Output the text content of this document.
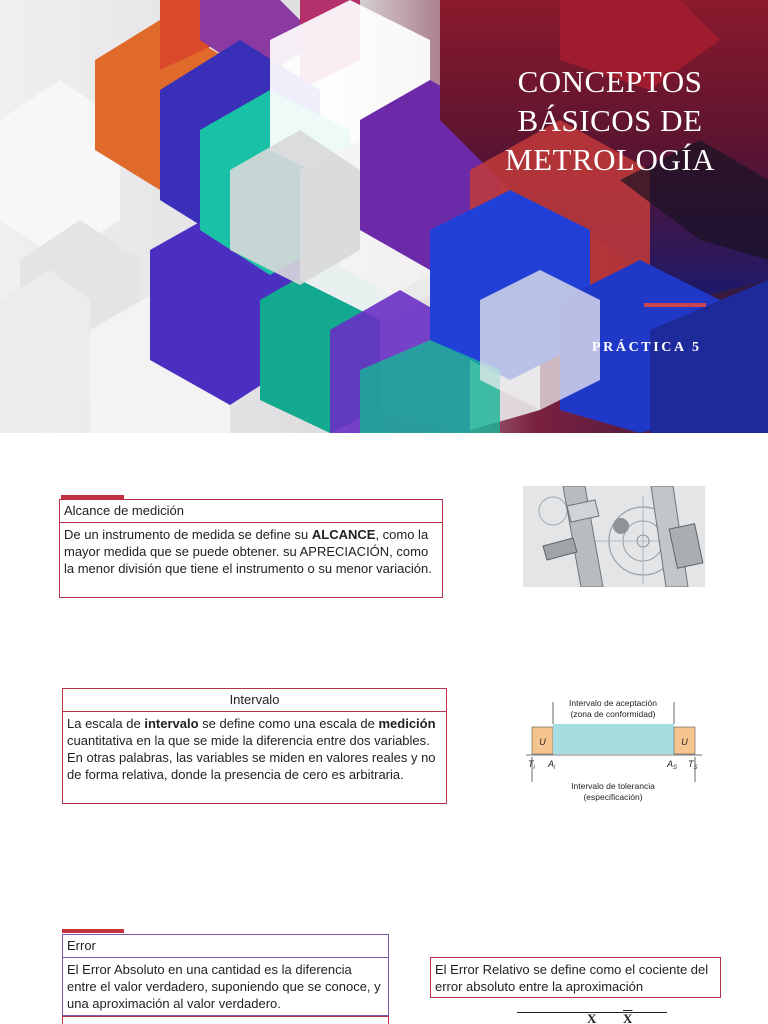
CONCEPTOS
BÁSICOS DE
METROLOGÍA
PRÁCTICA 5
Alcance de medición
De un instrumento de medida se define su ALCANCE, como la mayor medida que se puede obtener. su APRECIACIÓN, como la menor división que tiene el instrumento o su menor variación.
Intervalo
La escala de intervalo se define como una escala de medición cuantitativa en la que se mide la diferencia entre dos variables. En otras palabras, las variables se miden en valores reales y no de forma relativa, donde la presencia de cero es arbitraria.
Intervalo de aceptación
(zona de conformidad)
U	U
$T_i$ $A_i$	$A_S$ $T_S$
Intervalo de tolerancia
(especificación)
Error
El Error Absoluto en una cantidad es la diferencia entre el valor verdadero, suponiendo que se conoce, y una aproximación al valor verdadero.
El Error Relativo se define como el cociente del error absoluto entre la aproximación
X $\overline{X}$
